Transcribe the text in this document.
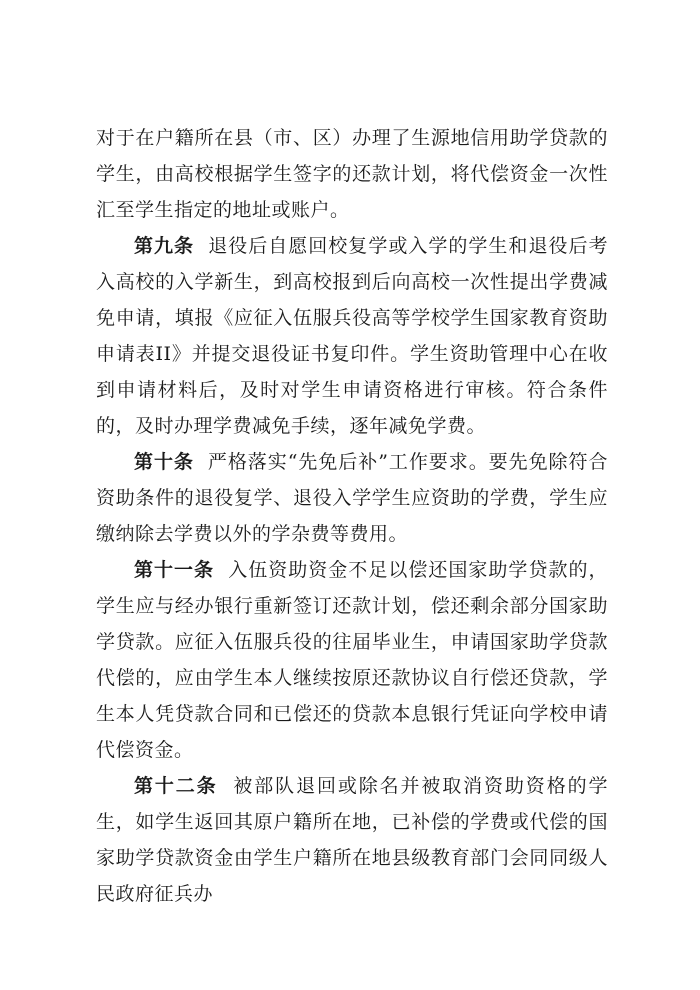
对于在户籍所在县（市、区）办理了生源地信用助学贷款的学生，由高校根据学生签字的还款计划，将代偿资金一次性汇至学生指定的地址或账户。

第九条 退役后自愿回校复学或入学的学生和退役后考入高校的入学新生，到高校报到后向高校一次性提出学费减免申请，填报《应征入伍服兵役高等学校学生国家教育资助申请表II》并提交退役证书复印件。学生资助管理中心在收到申请材料后，及时对学生申请资格进行审核。符合条件的，及时办理学费减免手续，逐年减免学费。

第十条 严格落实“先免后补”工作要求。要先免除符合资助条件的退役复学、退役入学学生应资助的学费，学生应缴纳除去学费以外的学杂费等费用。

第十一条 入伍资助资金不足以偿还国家助学贷款的，学生应与经办银行重新签订还款计划，偿还剩余部分国家助学贷款。应征入伍服兵役的往届毕业生，申请国家助学贷款代偿的，应由学生本人继续按原还款协议自行偿还贷款，学生本人凭贷款合同和已偿还的贷款本息银行凭证向学校申请代偿资金。

第十二条 被部队退回或除名并被取消资助资格的学生，如学生返回其原户籍所在地，已补偿的学费或代偿的国家助学贷款资金由学生户籍所在地县级教育部门会同同级人民政府征兵办
